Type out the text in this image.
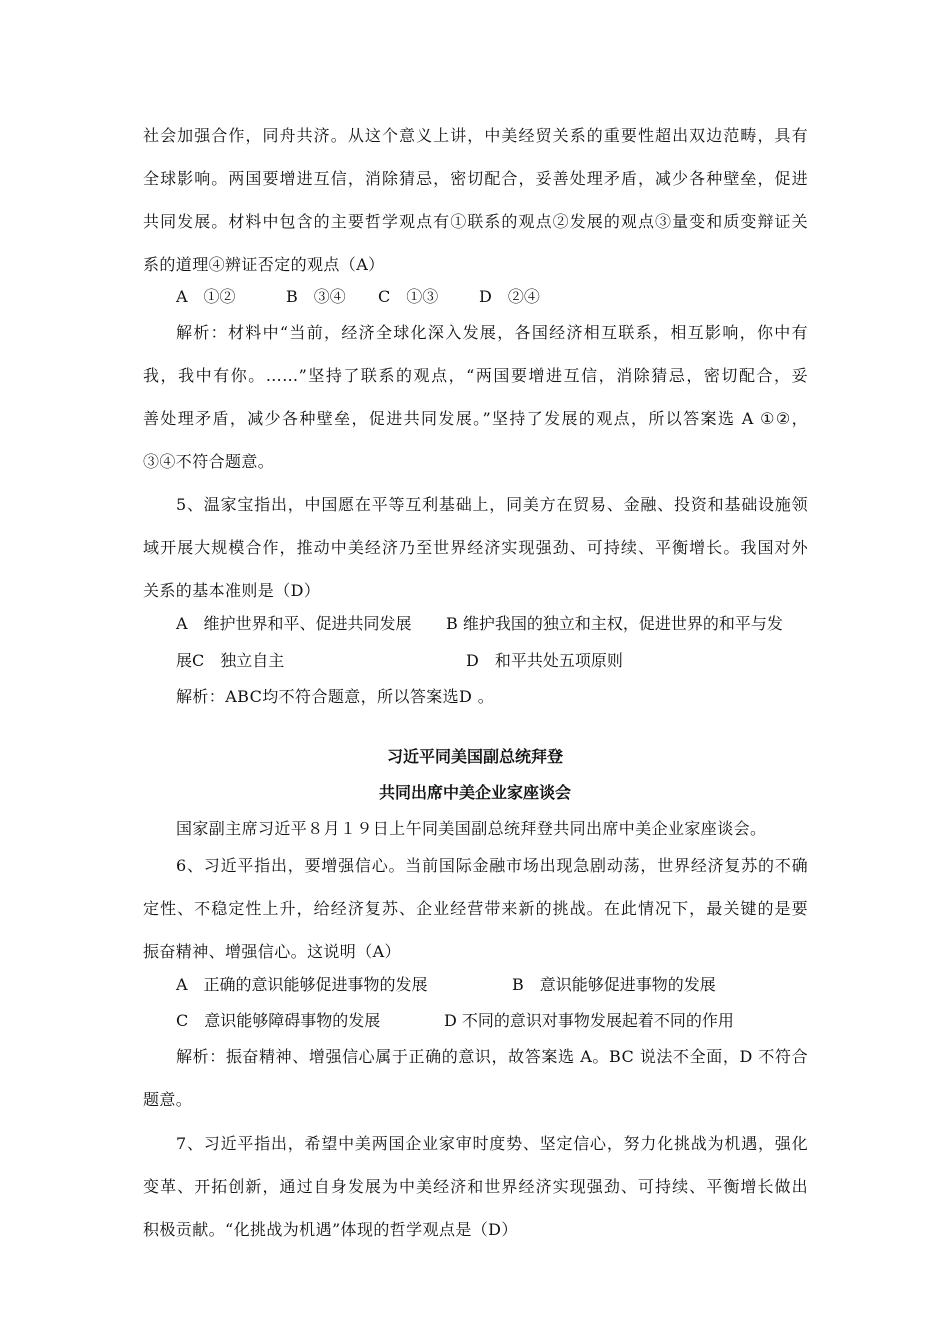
社会加强合作，同舟共济。从这个意义上讲，中美经贸关系的重要性超出双边范畴，具有
全球影响。两国要增进互信，消除猜忌，密切配合，妥善处理矛盾，减少各种壁垒，促进
共同发展。材料中包含的主要哲学观点有①联系的观点②发展的观点③量变和质变辩证关
系的道理④辨证否定的观点（A）
A　①②	B　③④ C　①③	D　②④
解析：材料中“当前，经济全球化深入发展，各国经济相互联系，相互影响，你中有
我，我中有你。……”坚持了联系的观点，“两国要增进互信，消除猜忌，密切配合，妥
善处理矛盾，减少各种壁垒，促进共同发展。”坚持了发展的观点，所以答案选 A ①②，
③④不符合题意。
5、温家宝指出，中国愿在平等互利基础上，同美方在贸易、金融、投资和基础设施领
域开展大规模合作，推动中美经济乃至世界经济实现强劲、可持续、平衡增长。我国对外
关系的基本准则是（D）
A　维护世界和平、促进共同发展 B 维护我国的独立和主权，促进世界的和平与发
展C　独立自主	D　和平共处五项原则
解析：ABC均不符合题意，所以答案选D 。
习近平同美国副总统拜登
共同出席中美企业家座谈会
国家副主席习近平８月１９日上午同美国副总统拜登共同出席中美企业家座谈会。
6、习近平指出，要增强信心。当前国际金融市场出现急剧动荡，世界经济复苏的不确
定性、不稳定性上升，给经济复苏、企业经营带来新的挑战。在此情况下，最关键的是要
振奋精神、增强信心。这说明（A）
A　正确的意识能够促进事物的发展	B　意识能够促进事物的发展
C　意识能够障碍事物的发展	D 不同的意识对事物发展起着不同的作用
解析：振奋精神、增强信心属于正确的意识，故答案选 A。BC 说法不全面，D 不符合
题意。
7、习近平指出，希望中美两国企业家审时度势、坚定信心，努力化挑战为机遇，强化
变革、开拓创新，通过自身发展为中美经济和世界经济实现强劲、可持续、平衡增长做出
积极贡献。“化挑战为机遇”体现的哲学观点是（D）
